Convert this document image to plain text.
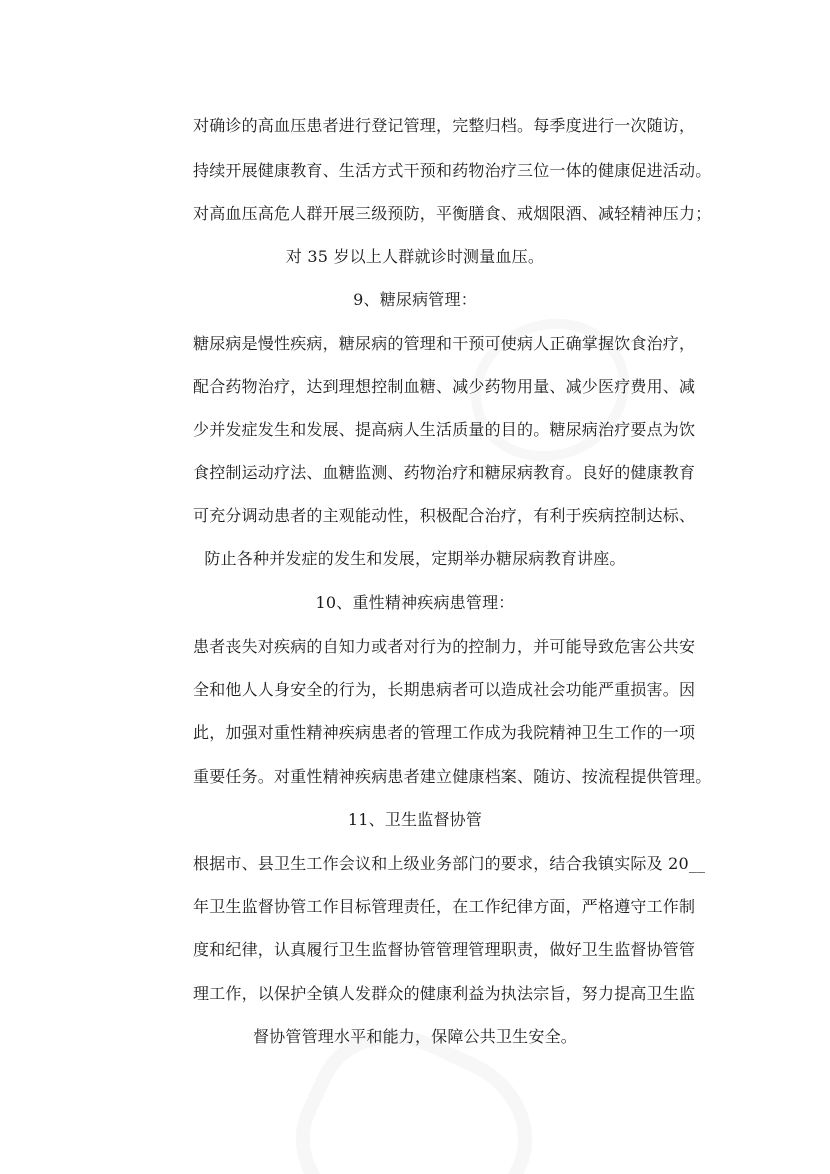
对确诊的高血压患者进行登记管理，完整归档。每季度进行一次随访，
持续开展健康教育、生活方式干预和药物治疗三位一体的健康促进活动。
对高血压高危人群开展三级预防，平衡膳食、戒烟限酒、减轻精神压力；
对 35 岁以上人群就诊时测量血压。
9、糖尿病管理：
糖尿病是慢性疾病，糖尿病的管理和干预可使病人正确掌握饮食治疗，
配合药物治疗，达到理想控制血糖、减少药物用量、减少医疗费用、减
少并发症发生和发展、提高病人生活质量的目的。糖尿病治疗要点为饮
食控制运动疗法、血糖监测、药物治疗和糖尿病教育。良好的健康教育
可充分调动患者的主观能动性，积极配合治疗，有利于疾病控制达标、
防止各种并发症的发生和发展，定期举办糖尿病教育讲座。
10、重性精神疾病患管理：
患者丧失对疾病的自知力或者对行为的控制力，并可能导致危害公共安
全和他人人身安全的行为，长期患病者可以造成社会功能严重损害。因
此，加强对重性精神疾病患者的管理工作成为我院精神卫生工作的一项
重要任务。对重性精神疾病患者建立健康档案、随访、按流程提供管理。
11、卫生监督协管
根据市、县卫生工作会议和上级业务部门的要求，结合我镇实际及 20__
年卫生监督协管工作目标管理责任，在工作纪律方面，严格遵守工作制
度和纪律，认真履行卫生监督协管管理管理职责，做好卫生监督协管管
理工作，以保护全镇人发群众的健康利益为执法宗旨，努力提高卫生监
督协管管理水平和能力，保障公共卫生安全。
